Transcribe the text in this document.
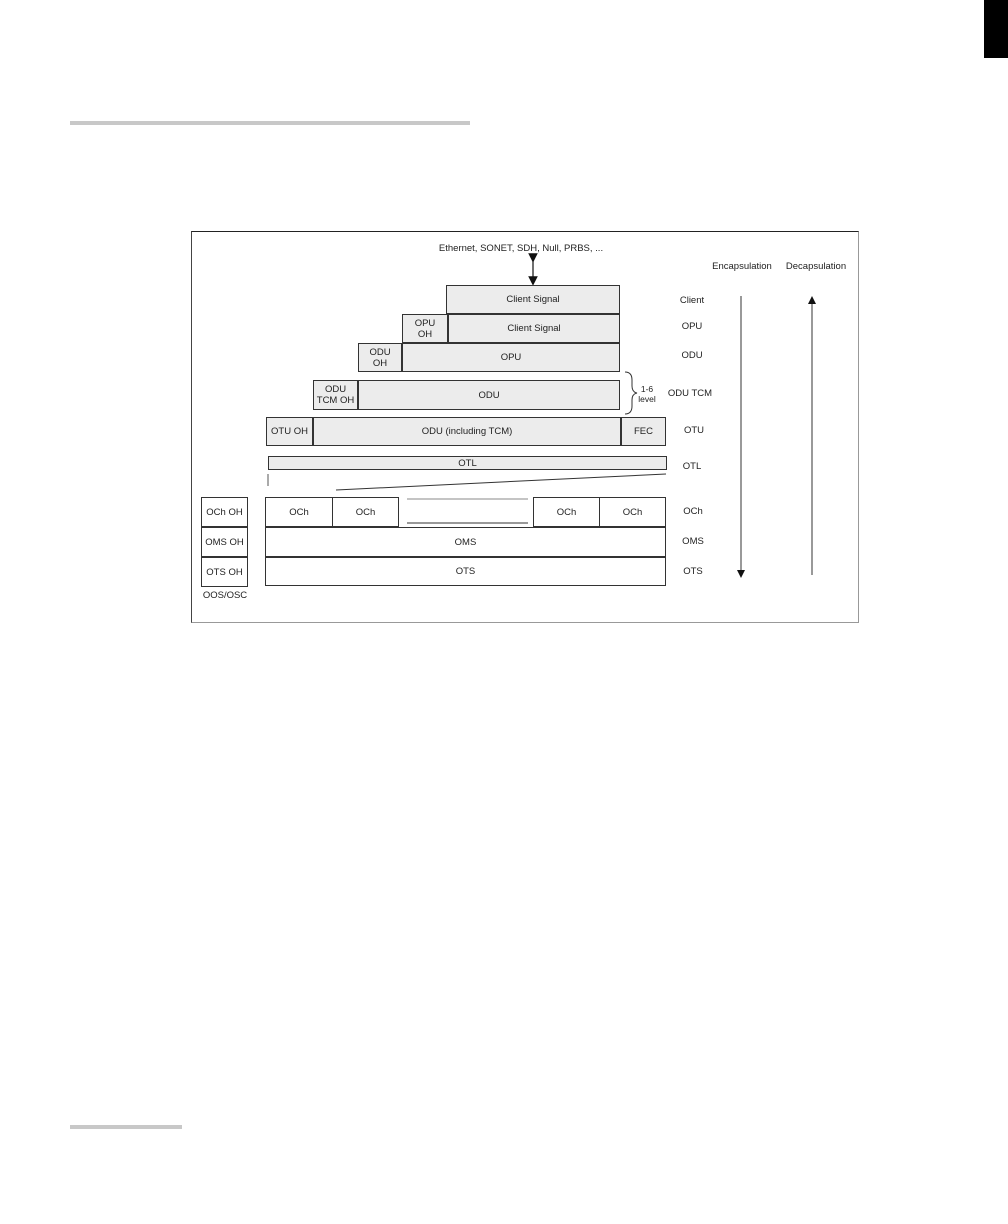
Ethernet, SONET, SDH, Null, PRBS, ...
Encapsulation Decapsulation
Client Signal	Client
OPU
OH	Client Signal	OPU
ODU
OH	OPU	ODU
ODU
TCM OH	ODU
1-6
level ODU TCM
OTU OH	ODU (including TCM)	FEC	OTU
OTL	OTL
OCh OH	OCh	OCh	OCh	OCh	OCh
OMS OH	OMS	OMS
OTS OH	OTS	OTS
OOS/OSC
